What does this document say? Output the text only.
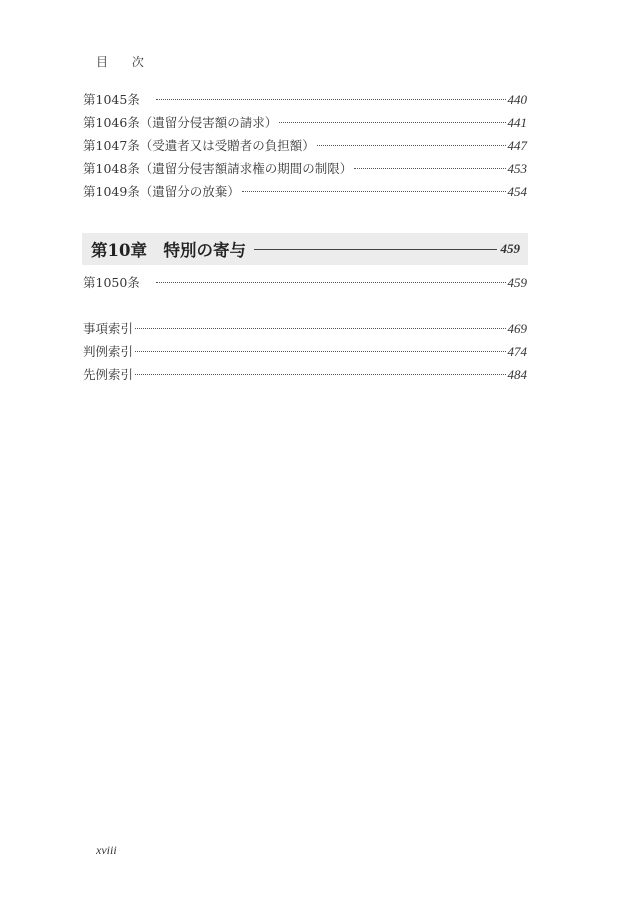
目 次
第1045条	440
第1046条（遺留分侵害額の請求）	441
第1047条（受遺者又は受贈者の負担額）	447
第1048条（遺留分侵害額請求権の期間の制限）	453
第1049条（遺留分の放棄）	454
第10章　特別の寄与	459
第1050条	459
事項索引	469
判例索引	474
先例索引	484
xviii
